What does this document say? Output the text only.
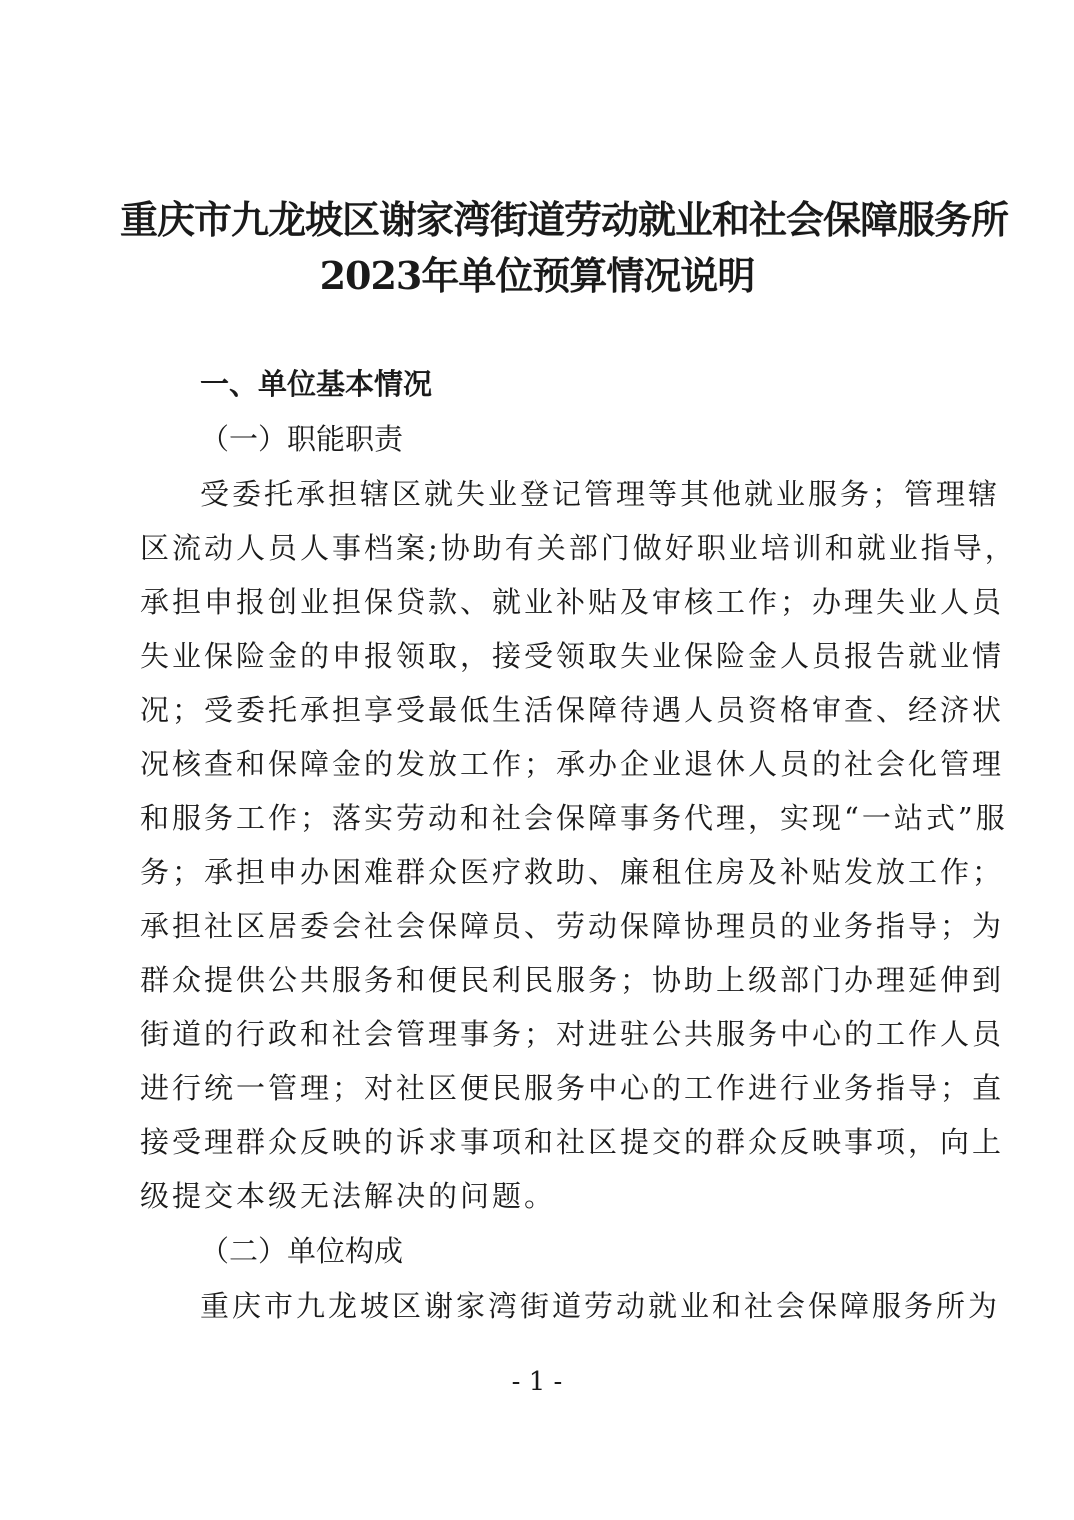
重庆市九龙坡区谢家湾街道劳动就业和社会保障服务所
2023年单位预算情况说明
一、单位基本情况
（一）职能职责
受委托承担辖区就失业登记管理等其他就业服务；管理辖
区流动人员人事档案;协助有关部门做好职业培训和就业指导，
承担申报创业担保贷款、就业补贴及审核工作；办理失业人员
失业保险金的申报领取，接受领取失业保险金人员报告就业情
况；受委托承担享受最低生活保障待遇人员资格审查、经济状
况核查和保障金的发放工作；承办企业退休人员的社会化管理
和服务工作；落实劳动和社会保障事务代理，实现“一站式”服
务；承担申办困难群众医疗救助、廉租住房及补贴发放工作；
承担社区居委会社会保障员、劳动保障协理员的业务指导；为
群众提供公共服务和便民利民服务；协助上级部门办理延伸到
街道的行政和社会管理事务；对进驻公共服务中心的工作人员
进行统一管理；对社区便民服务中心的工作进行业务指导；直
接受理群众反映的诉求事项和社区提交的群众反映事项，向上
级提交本级无法解决的问题。
（二）单位构成
重庆市九龙坡区谢家湾街道劳动就业和社会保障服务所为
- 1 -
